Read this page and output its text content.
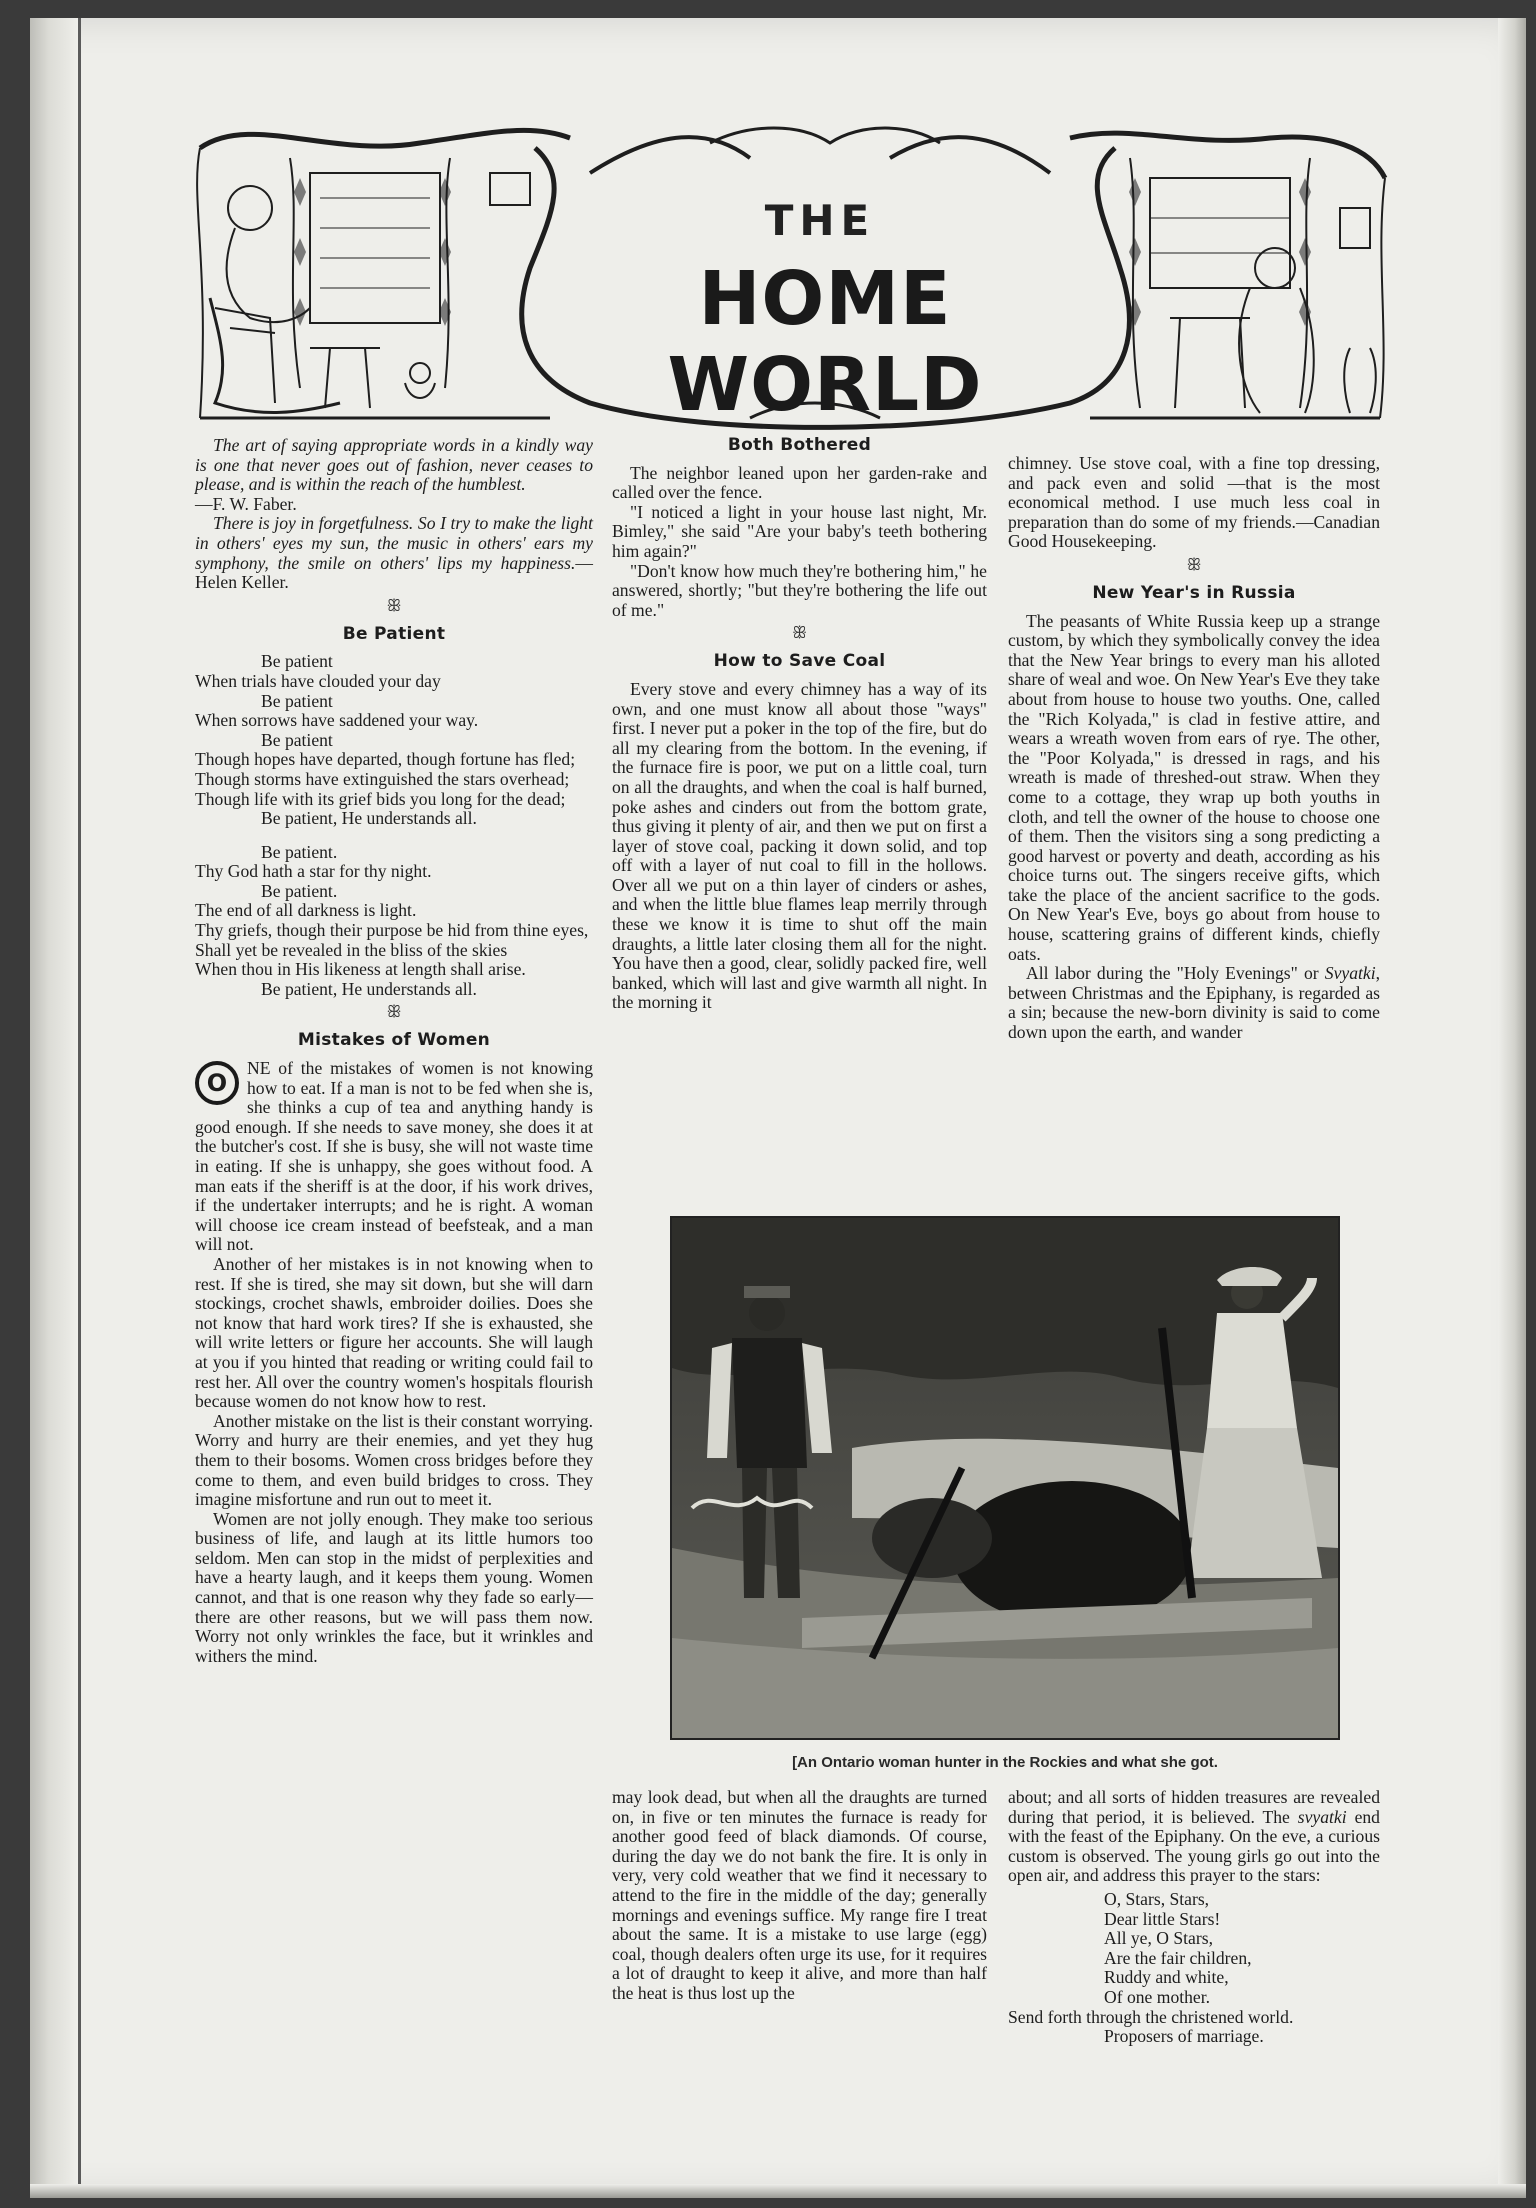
THE
HOME WORLD

The art of saying appropriate words in a kindly way is one that never goes out of fashion, never ceases to please, and is within the reach of the humblest.

—F. W. Faber.

There is joy in forgetfulness. So I try to make the light in others' eyes my sun, the music in others' ears my symphony, the smile on others' lips my happiness.—Helen Keller.

ꕥ
Be Patient
Be patient
When trials have clouded your day
Be patient
When sorrows have saddened your way.
Be patient
Though hopes have departed, though fortune has fled;
Though storms have extinguished the stars overhead;
Though life with its grief bids you long for the dead;
Be patient, He understands all.
Be patient.
Thy God hath a star for thy night.
Be patient.
The end of all darkness is light.
Thy griefs, though their purpose be hid from thine eyes,
Shall yet be revealed in the bliss of the skies
When thou in His likeness at length shall arise.
Be patient, He understands all.
ꕥ
Mistakes of Women

O
NE of the mistakes of women is not knowing how to eat. If a man is not to be fed when she is, she thinks a cup of tea and anything handy is good enough. If she needs to save money, she does it at the butcher's cost. If she is busy, she will not waste time in eating. If she is unhappy, she goes without food. A man eats if the sheriff is at the door, if his work drives, if the undertaker interrupts; and he is right. A woman will choose ice cream instead of beefsteak, and a man will not.

Another of her mistakes is in not knowing when to rest. If she is tired, she may sit down, but she will darn stockings, crochet shawls, embroider doilies. Does she not know that hard work tires? If she is exhausted, she will write letters or figure her accounts. She will laugh at you if you hinted that reading or writing could fail to rest her. All over the country women's hospitals flourish because women do not know how to rest.

Another mistake on the list is their constant worrying. Worry and hurry are their enemies, and yet they hug them to their bosoms. Women cross bridges before they come to them, and even build bridges to cross. They imagine misfortune and run out to meet it.

Women are not jolly enough. They make too serious business of life, and laugh at its little humors too seldom. Men can stop in the midst of perplexities and have a hearty laugh, and it keeps them young. Women cannot, and that is one reason why they fade so early—there are other reasons, but we will pass them now. Worry not only wrinkles the face, but it wrinkles and withers the mind.

Both Bothered

The neighbor leaned upon her garden-rake and called over the fence.

"I noticed a light in your house last night, Mr. Bimley," she said "Are your baby's teeth bothering him again?"

"Don't know how much they're bothering him," he answered, shortly; "but they're bothering the life out of me."

ꕥ
How to Save Coal

Every stove and every chimney has a way of its own, and one must know all about those "ways" first. I never put a poker in the top of the fire, but do all my clearing from the bottom. In the evening, if the furnace fire is poor, we put on a little coal, turn on all the draughts, and when the coal is half burned, poke ashes and cinders out from the bottom grate, thus giving it plenty of air, and then we put on first a layer of stove coal, packing it down solid, and top off with a layer of nut coal to fill in the hollows. Over all we put on a thin layer of cinders or ashes, and when the little blue flames leap merrily through these we know it is time to shut off the main draughts, a little later closing them all for the night. You have then a good, clear, solidly packed fire, well banked, which will last and give warmth all night. In the morning it

chimney. Use stove coal, with a fine top dressing, and pack even and solid —that is the most economical method. I use much less coal in preparation than do some of my friends.—Canadian Good Housekeeping.

ꕥ
New Year's in Russia

The peasants of White Russia keep up a strange custom, by which they symbolically convey the idea that the New Year brings to every man his alloted share of weal and woe. On New Year's Eve they take about from house to house two youths. One, called the "Rich Kolyada," is clad in festive attire, and wears a wreath woven from ears of rye. The other, the "Poor Kolyada," is dressed in rags, and his wreath is made of threshed-out straw. When they come to a cottage, they wrap up both youths in cloth, and tell the owner of the house to choose one of them. Then the visitors sing a song predicting a good harvest or poverty and death, according as his choice turns out. The singers receive gifts, which take the place of the ancient sacrifice to the gods. On New Year's Eve, boys go about from house to house, scattering grains of different kinds, chiefly oats.

All labor during the "Holy Evenings" or Svyatki, between Christmas and the Epiphany, is regarded as a sin; because the new-born divinity is said to come down upon the earth, and wander

[An Ontario woman hunter in the Rockies and what she got.

may look dead, but when all the draughts are turned on, in five or ten minutes the furnace is ready for another good feed of black diamonds. Of course, during the day we do not bank the fire. It is only in very, very cold weather that we find it necessary to attend to the fire in the middle of the day; generally mornings and evenings suffice. My range fire I treat about the same. It is a mistake to use large (egg) coal, though dealers often urge its use, for it requires a lot of draught to keep it alive, and more than half the heat is thus lost up the

about; and all sorts of hidden treasures are revealed during that period, it is believed. The svyatki end with the feast of the Epiphany. On the eve, a curious custom is observed. The young girls go out into the open air, and address this prayer to the stars:

O, Stars, Stars,
Dear little Stars!
All ye, O Stars,
Are the fair children,
Ruddy and white,
Of one mother.
Send forth through the christened world.
Proposers of marriage.
